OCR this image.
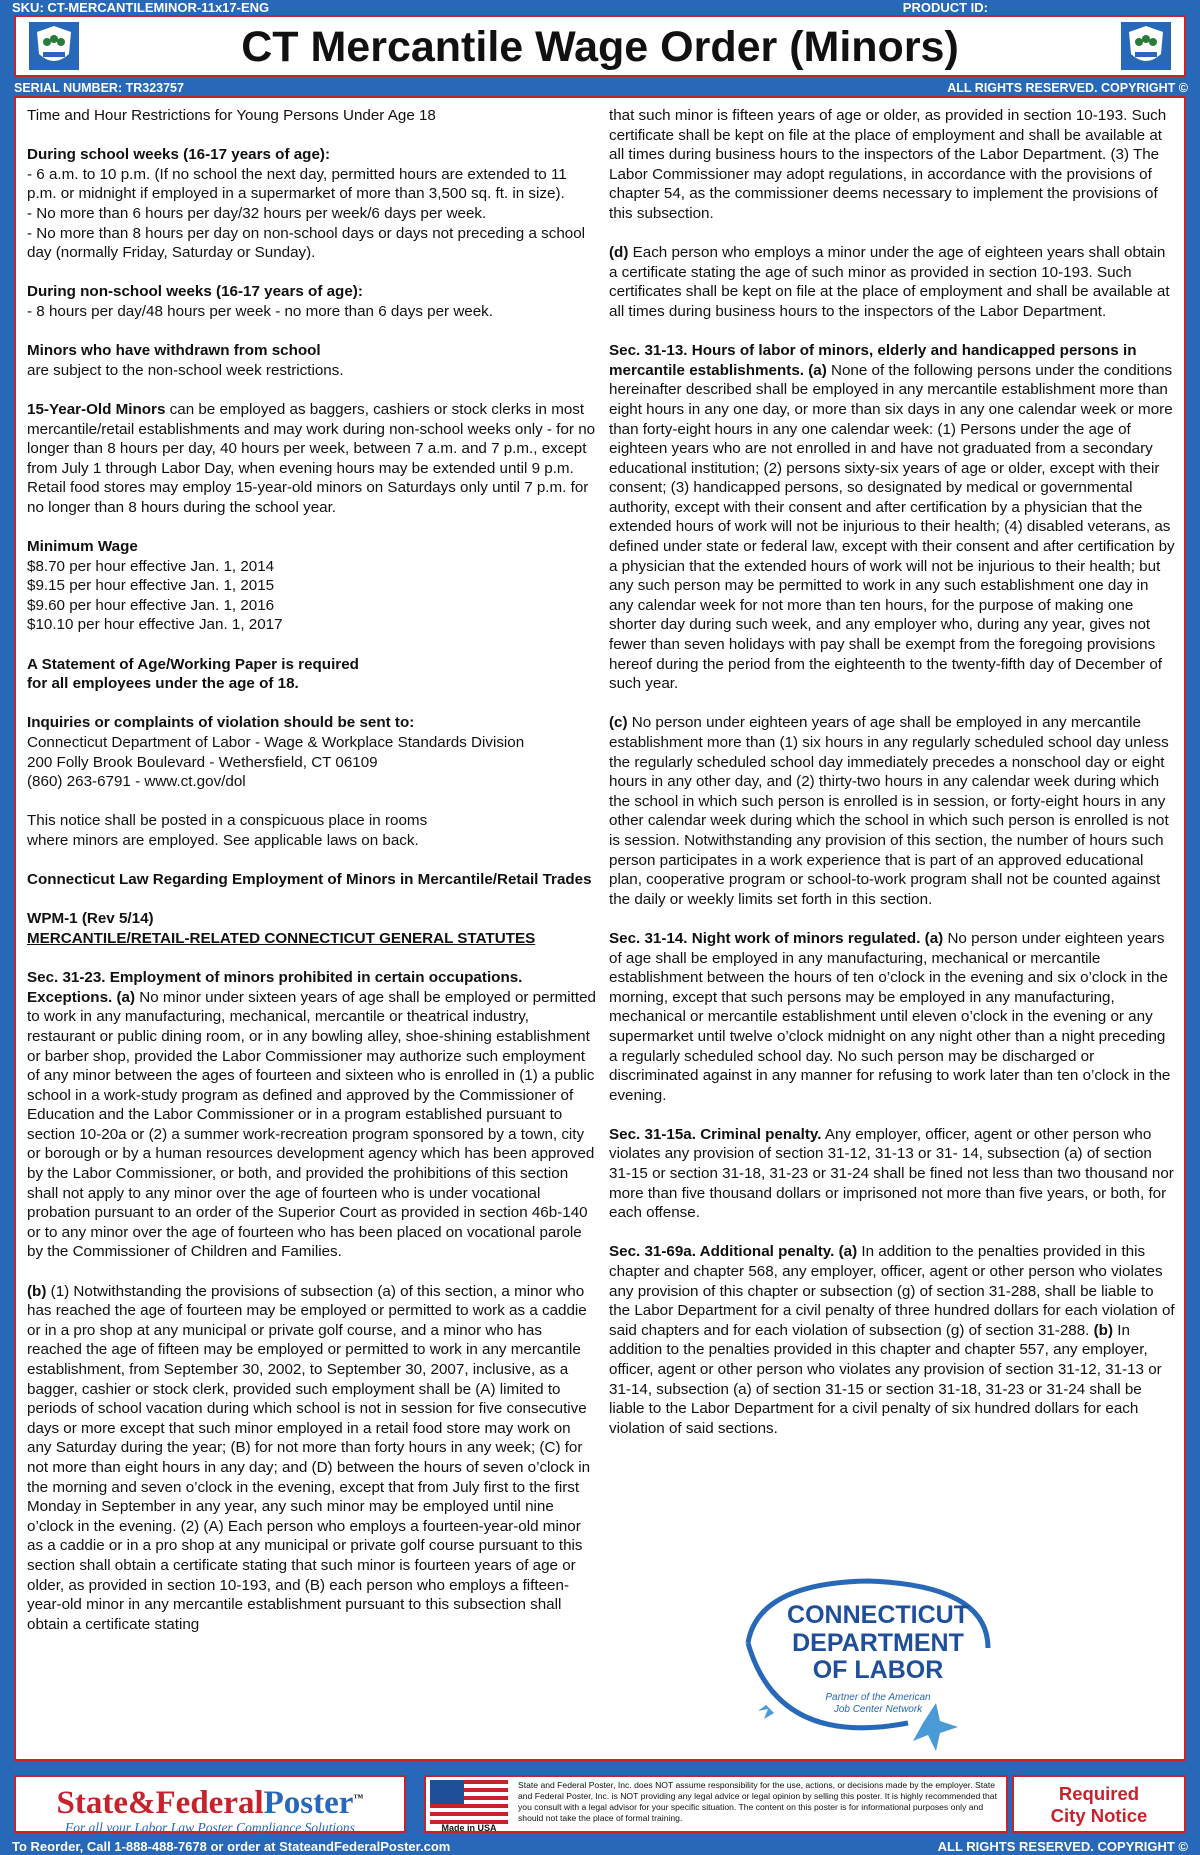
SKU: CT-MERCANTILEMINOR-11x17-ENG	PRODUCT ID:
CT Mercantile Wage Order (Minors)
SERIAL NUMBER: TR323757	ALL RIGHTS RESERVED. COPYRIGHT ©

Time and Hour Restrictions for Young Persons Under Age 18

During school weeks (16-17 years of age):
- 6 a.m. to 10 p.m. (If no school the next day, permitted hours are extended to 11 p.m. or midnight if employed in a supermarket of more than 3,500 sq. ft. in size).
- No more than 6 hours per day/32 hours per week/6 days per week.

- No more than 8 hours per day on non-school days or days not preceding a school day (normally Friday, Saturday or Sunday).

During non-school weeks (16-17 years of age):

- 8 hours per day/48 hours per week - no more than 6 days per week.

Minors who have withdrawn from school

are subject to the non-school week restrictions.

15-Year-Old Minors can be employed as baggers, cashiers or stock clerks in most mercantile/retail establishments and may work during non-school weeks only - for no longer than 8 hours per day, 40 hours per week, between 7 a.m. and 7 p.m., except from July 1 through Labor Day, when evening hours may be extended until 9 p.m. Retail food stores may employ 15-year-old minors on Saturdays only until 7 p.m. for no longer than 8 hours during the school year.

Minimum Wage
$8.70 per hour effective Jan. 1, 2014
$9.15 per hour effective Jan. 1, 2015
$9.60 per hour effective Jan. 1, 2016

$10.10 per hour effective Jan. 1, 2017

A Statement of Age/Working Paper is required

for all employees under the age of 18.

Inquiries or complaints of violation should be sent to:
Connecticut Department of Labor - Wage & Workplace Standards Division
200 Folly Brook Boulevard - Wethersfield, CT 06109

(860) 263-6791 - www.ct.gov/dol

This notice shall be posted in a conspicuous place in rooms

where minors are employed. See applicable laws on back.

Connecticut Law Regarding Employment of Minors in Mercantile/Retail Trades

WPM-1 (Rev 5/14)

MERCANTILE/RETAIL-RELATED CONNECTICUT GENERAL STATUTES

Sec. 31-23. Employment of minors prohibited in certain occupations. Exceptions. (a) No minor under sixteen years of age shall be employed or permitted to work in any manufacturing, mechanical, mercantile or theatrical industry, restaurant or public dining room, or in any bowling alley, shoe-shining establishment or barber shop, provided the Labor Commissioner may authorize such employment of any minor between the ages of fourteen and sixteen who is enrolled in (1) a public school in a work-study program as defined and approved by the Commissioner of Education and the Labor Commissioner or in a program established pursuant to section 10-20a or (2) a summer work-recreation program sponsored by a town, city or borough or by a human resources development agency which has been approved by the Labor Commissioner, or both, and provided the prohibitions of this section shall not apply to any minor over the age of fourteen who is under vocational probation pursuant to an order of the Superior Court as provided in section 46b-140 or to any minor over the age of fourteen who has been placed on vocational parole by the Commissioner of Children and Families.

(b) (1) Notwithstanding the provisions of subsection (a) of this section, a minor who has reached the age of fourteen may be employed or permitted to work as a caddie or in a pro shop at any municipal or private golf course, and a minor who has reached the age of fifteen may be employed or permitted to work in any mercantile establishment, from September 30, 2002, to September 30, 2007, inclusive, as a bagger, cashier or stock clerk, provided such employment shall be (A) limited to periods of school vacation during which school is not in session for five consecutive days or more except that such minor employed in a retail food store may work on any Saturday during the year; (B) for not more than forty hours in any week; (C) for not more than eight hours in any day; and (D) between the hours of seven o’clock in the morning and seven o’clock in the evening, except that from July first to the first Monday in September in any year, any such minor may be employed until nine o’clock in the evening. (2) (A) Each person who employs a fourteen-year-old minor as a caddie or in a pro shop at any municipal or private golf course pursuant to this section shall obtain a certificate stating that such minor is fourteen years of age or older, as provided in section 10-193, and (B) each person who employs a fifteen-year-old minor in any mercantile establishment pursuant to this subsection shall obtain a certificate stating

that such minor is fifteen years of age or older, as provided in section 10-193. Such certificate shall be kept on file at the place of employment and shall be available at all times during business hours to the inspectors of the Labor Department. (3) The Labor Commissioner may adopt regulations, in accordance with the provisions of chapter 54, as the commissioner deems necessary to implement the provisions of this subsection.

(d) Each person who employs a minor under the age of eighteen years shall obtain a certificate stating the age of such minor as provided in section 10-193. Such certificates shall be kept on file at the place of employment and shall be available at all times during business hours to the inspectors of the Labor Department.

Sec. 31-13. Hours of labor of minors, elderly and handicapped persons in mercantile establishments. (a) None of the following persons under the conditions hereinafter described shall be employed in any mercantile establishment more than eight hours in any one day, or more than six days in any one calendar week or more than forty-eight hours in any one calendar week: (1) Persons under the age of eighteen years who are not enrolled in and have not graduated from a secondary educational institution; (2) persons sixty-six years of age or older, except with their consent; (3) handicapped persons, so designated by medical or governmental authority, except with their consent and after certification by a physician that the extended hours of work will not be injurious to their health; (4) disabled veterans, as defined under state or federal law, except with their consent and after certification by a physician that the extended hours of work will not be injurious to their health; but any such person may be permitted to work in any such establishment one day in any calendar week for not more than ten hours, for the purpose of making one shorter day during such week, and any employer who, during any year, gives not fewer than seven holidays with pay shall be exempt from the foregoing provisions hereof during the period from the eighteenth to the twenty-fifth day of December of such year.

(c) No person under eighteen years of age shall be employed in any mercantile establishment more than (1) six hours in any regularly scheduled school day unless the regularly scheduled school day immediately precedes a nonschool day or eight hours in any other day, and (2) thirty-two hours in any calendar week during which the school in which such person is enrolled is in session, or forty-eight hours in any other calendar week during which the school in which such person is enrolled is not is session. Notwithstanding any provision of this section, the number of hours such person participates in a work experience that is part of an approved educational plan, cooperative program or school-to-work program shall not be counted against the daily or weekly limits set forth in this section.

Sec. 31-14. Night work of minors regulated. (a) No person under eighteen years of age shall be employed in any manufacturing, mechanical or mercantile establishment between the hours of ten o’clock in the evening and six o’clock in the morning, except that such persons may be employed in any manufacturing, mechanical or mercantile establishment until eleven o’clock in the evening or any supermarket until twelve o’clock midnight on any night other than a night preceding a regularly scheduled school day. No such person may be discharged or discriminated against in any manner for refusing to work later than ten o’clock in the evening.

Sec. 31-15a. Criminal penalty. Any employer, officer, agent or other person who violates any provision of section 31-12, 31-13 or 31- 14, subsection (a) of section 31-15 or section 31-18, 31-23 or 31-24 shall be fined not less than two thousand nor more than five thousand dollars or imprisoned not more than five years, or both, for each offense.

Sec. 31-69a. Additional penalty. (a) In addition to the penalties provided in this chapter and chapter 568, any employer, officer, agent or other person who violates any provision of this chapter or subsection (g) of section 31-288, shall be liable to the Labor Department for a civil penalty of three hundred dollars for each violation of said chapters and for each violation of subsection (g) of section 31-288. (b) In addition to the penalties provided in this chapter and chapter 557, any employer, officer, agent or other person who violates any provision of section 31-12, 31-13 or 31-14, subsection (a) of section 31-15 or section 31-18, 31-23 or 31-24 shall be liable to the Labor Department for a civil penalty of six hundred dollars for each violation of said sections.

CONNECTICUT
DEPARTMENT
OF LABOR
Partner of the American
Job Center Network
State&FederalPoster™
For all your Labor Law Poster Compliance Solutions	Made in USA
State and Federal Poster, Inc. does NOT assume responsibility for the use, actions, or decisions made by the employer. State and Federal Poster, Inc. is NOT providing any legal advice or legal opinion by selling this poster. It is highly recommended that you consult with a legal advisor for your specific situation. The content on this poster is for informational purposes only and should not take the place of formal training.
Required
City Notice
To Reorder, Call 1-888-488-7678 or order at StateandFederalPoster.com	ALL RIGHTS RESERVED. COPYRIGHT ©
